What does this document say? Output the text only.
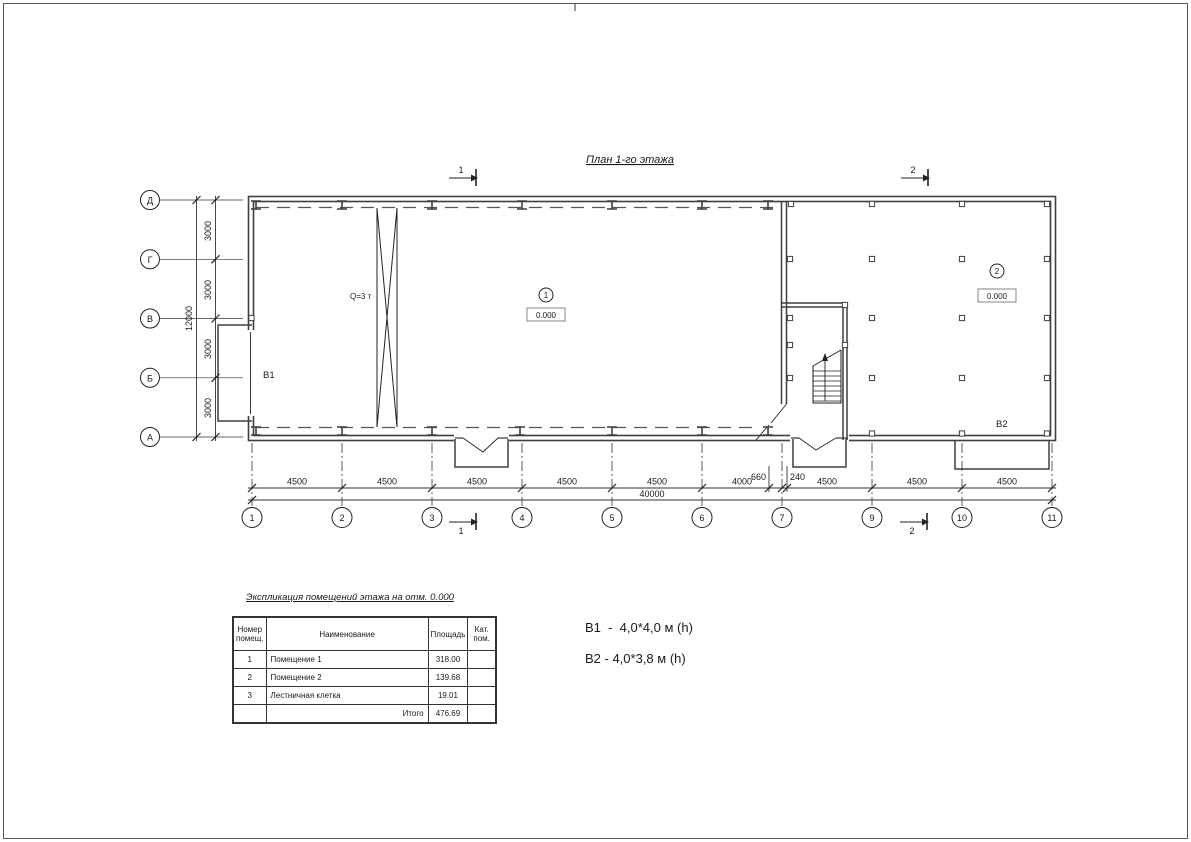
План 1-го этажа
Q=3 т	1
0.000
2
0.000
В1
В2
3000
3000
3000
3000
12000
Д
Г
В
Б
А
4500	4500	4500	4500	4500	4000	4500	4500	4500
660	240
40000
1	2	3	4	5	6	7	9	10	11
1	2
1	2
Экспликация помещений этажа на отм. 0.000
Номер
помещ.	Наименование	Площадь	Кат.
пом.

1	Помещение 1	318.00	
2	Помещение 2	139.68	
3	Лестничная клетка	19.01	
	Итого	476.69	
В1  -  4,0*4,0 м (h)
В2 - 4,0*3,8 м (h)
